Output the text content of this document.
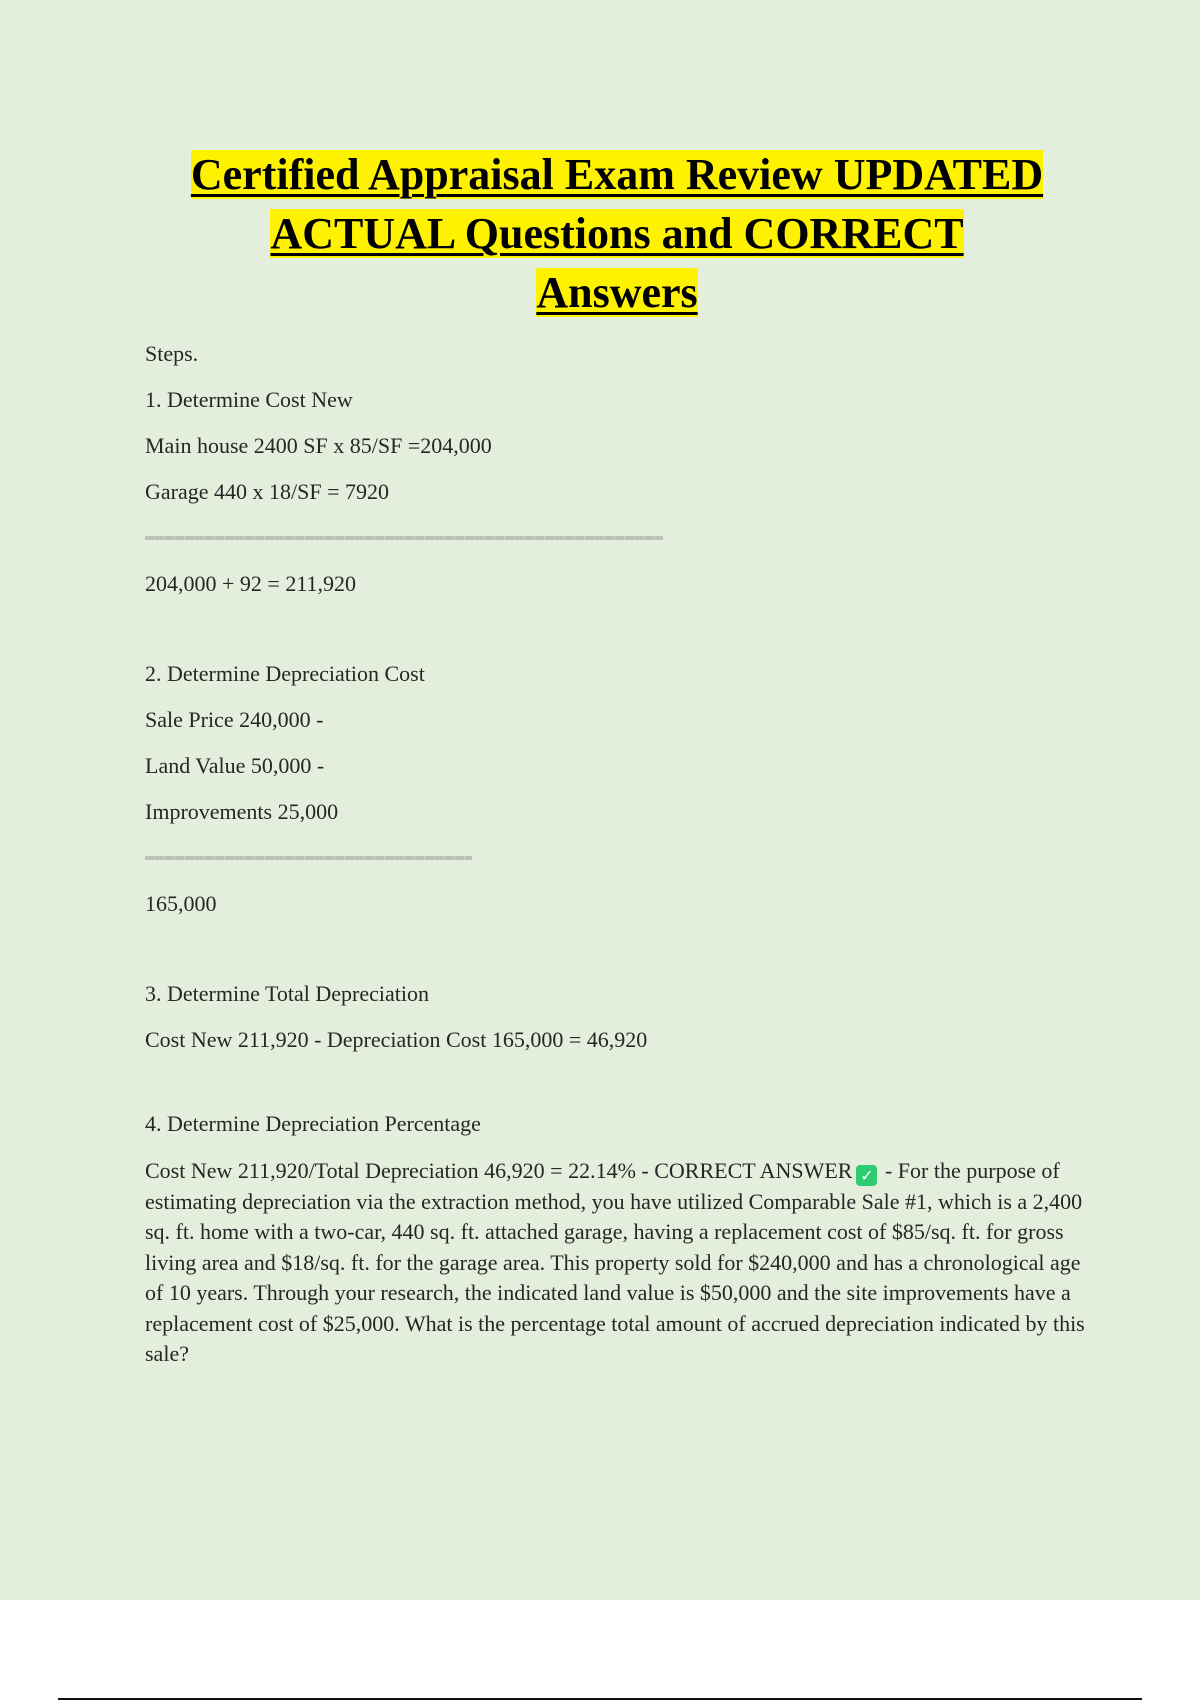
Certified Appraisal Exam Review UPDATED
ACTUAL Questions and CORRECT
Answers
Steps.
1. Determine Cost New
Main house 2400 SF x 85/SF =204,000
Garage 440 x 18/SF = 7920
204,000 + 92 = 211,920
2. Determine Depreciation Cost
Sale Price 240,000 -
Land Value 50,000 -
Improvements 25,000
165,000
3. Determine Total Depreciation
Cost New 211,920 - Depreciation Cost 165,000 = 46,920
4. Determine Depreciation Percentage
Cost New 211,920/Total Depreciation 46,920 = 22.14% - CORRECT ANSWER ✓ - For the purpose of estimating depreciation via the extraction method, you have utilized Comparable Sale #1, which is a 2,400 sq. ft. home with a two-car, 440 sq. ft. attached garage, having a replacement cost of $85/sq. ft. for gross living area and $18/sq. ft. for the garage area. This property sold for $240,000 and has a chronological age of 10 years. Through your research, the indicated land value is $50,000 and the site improvements have a replacement cost of $25,000. What is the percentage total amount of accrued depreciation indicated by this sale?
